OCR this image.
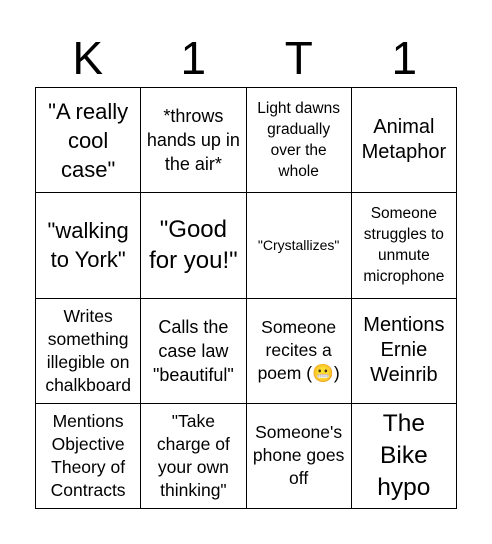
K	1	T	1
"A really cool case"
*throws hands up in the air*
Light dawns gradually over the whole
Animal Metaphor
"walking to York"
"Good for you!"
"Crystallizes"
Someone struggles to unmute microphone
Writes something illegible on chalkboard
Calls the case law "beautiful"
Someone recites a poem (😬)
Mentions Ernie Weinrib
Mentions Objective Theory of Contracts
"Take charge of your own thinking"
Someone's phone goes off
The Bike hypo
